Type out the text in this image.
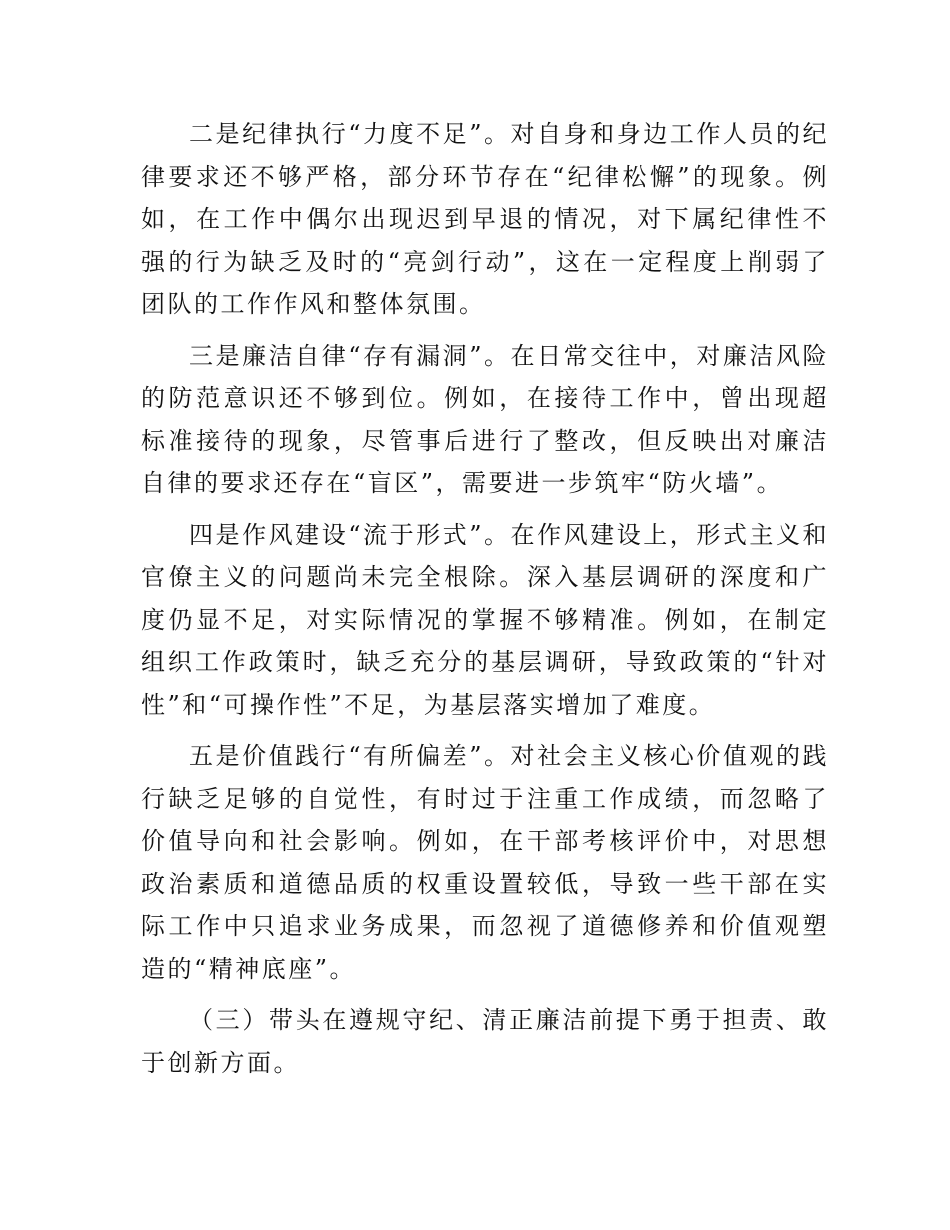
二是纪律执行“力度不足”。对自身和身边工作人员的纪律要求还不够严格，部分环节存在“纪律松懈”的现象。例如，在工作中偶尔出现迟到早退的情况，对下属纪律性不强的行为缺乏及时的“亮剑行动”，这在一定程度上削弱了团队的工作作风和整体氛围。

三是廉洁自律“存有漏洞”。在日常交往中，对廉洁风险的防范意识还不够到位。例如，在接待工作中，曾出现超标准接待的现象，尽管事后进行了整改，但反映出对廉洁自律的要求还存在“盲区”，需要进一步筑牢“防火墙”。

四是作风建设“流于形式”。在作风建设上，形式主义和官僚主义的问题尚未完全根除。深入基层调研的深度和广度仍显不足，对实际情况的掌握不够精准。例如，在制定组织工作政策时，缺乏充分的基层调研，导致政策的“针对性”和“可操作性”不足，为基层落实增加了难度。

五是价值践行“有所偏差”。对社会主义核心价值观的践行缺乏足够的自觉性，有时过于注重工作成绩，而忽略了价值导向和社会影响。例如，在干部考核评价中，对思想政治素质和道德品质的权重设置较低，导致一些干部在实际工作中只追求业务成果，而忽视了道德修养和价值观塑造的“精神底座”。

（三）带头在遵规守纪、清正廉洁前提下勇于担责、敢于创新方面。
